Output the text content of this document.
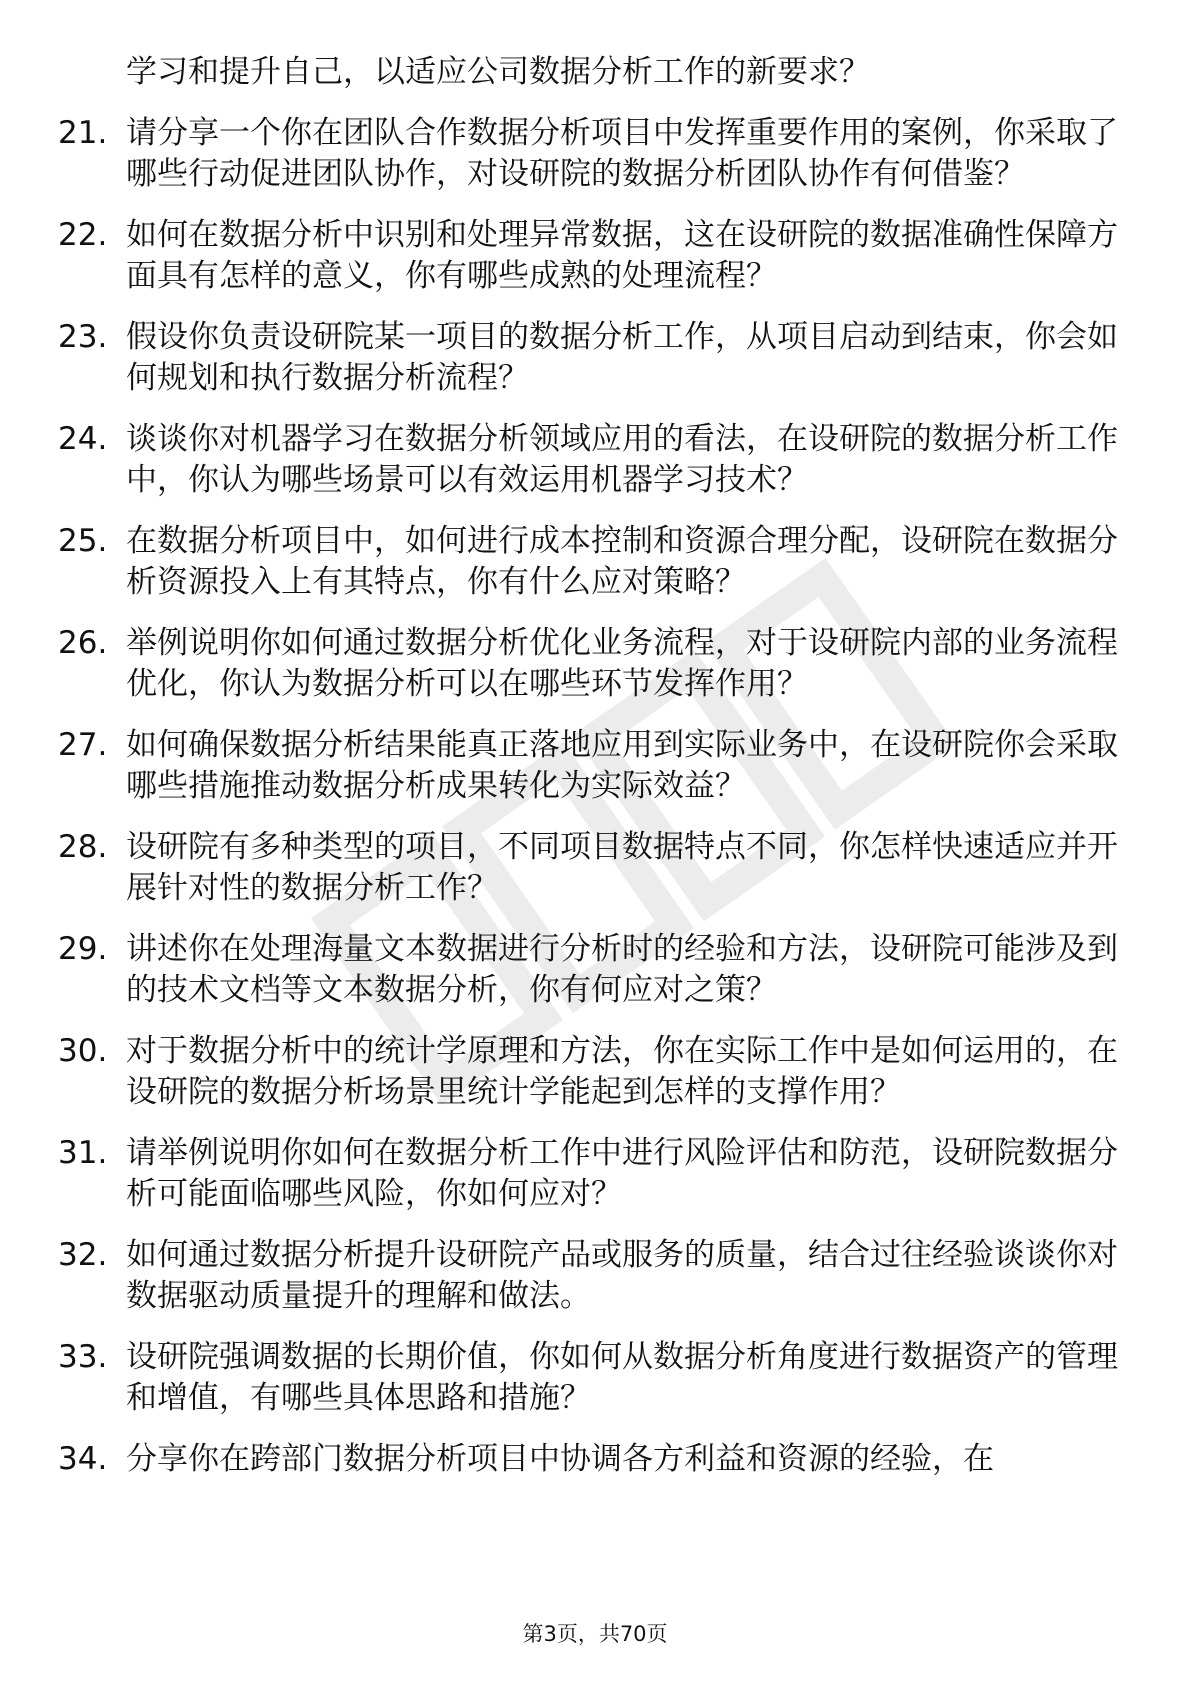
学习和提升自己，以适应公司数据分析工作的新要求？
21. 请分享一个你在团队合作数据分析项目中发挥重要作用的案例，你采取了哪些行动促进团队协作，对设研院的数据分析团队协作有何借鉴？
22. 如何在数据分析中识别和处理异常数据，这在设研院的数据准确性保障方面具有怎样的意义，你有哪些成熟的处理流程？
23. 假设你负责设研院某一项目的数据分析工作，从项目启动到结束，你会如何规划和执行数据分析流程？
24. 谈谈你对机器学习在数据分析领域应用的看法，在设研院的数据分析工作中，你认为哪些场景可以有效运用机器学习技术？
25. 在数据分析项目中，如何进行成本控制和资源合理分配，设研院在数据分析资源投入上有其特点，你有什么应对策略？
26. 举例说明你如何通过数据分析优化业务流程，对于设研院内部的业务流程优化，你认为数据分析可以在哪些环节发挥作用？
27. 如何确保数据分析结果能真正落地应用到实际业务中，在设研院你会采取哪些措施推动数据分析成果转化为实际效益？
28. 设研院有多种类型的项目，不同项目数据特点不同，你怎样快速适应并开展针对性的数据分析工作？
29. 讲述你在处理海量文本数据进行分析时的经验和方法，设研院可能涉及到的技术文档等文本数据分析，你有何应对之策？
30. 对于数据分析中的统计学原理和方法，你在实际工作中是如何运用的，在设研院的数据分析场景里统计学能起到怎样的支撑作用？
31. 请举例说明你如何在数据分析工作中进行风险评估和防范，设研院数据分析可能面临哪些风险，你如何应对？
32. 如何通过数据分析提升设研院产品或服务的质量，结合过往经验谈谈你对数据驱动质量提升的理解和做法。
33. 设研院强调数据的长期价值，你如何从数据分析角度进行数据资产的管理和增值，有哪些具体思路和措施？
34. 分享你在跨部门数据分析项目中协调各方利益和资源的经验，在
第3页，共70页
